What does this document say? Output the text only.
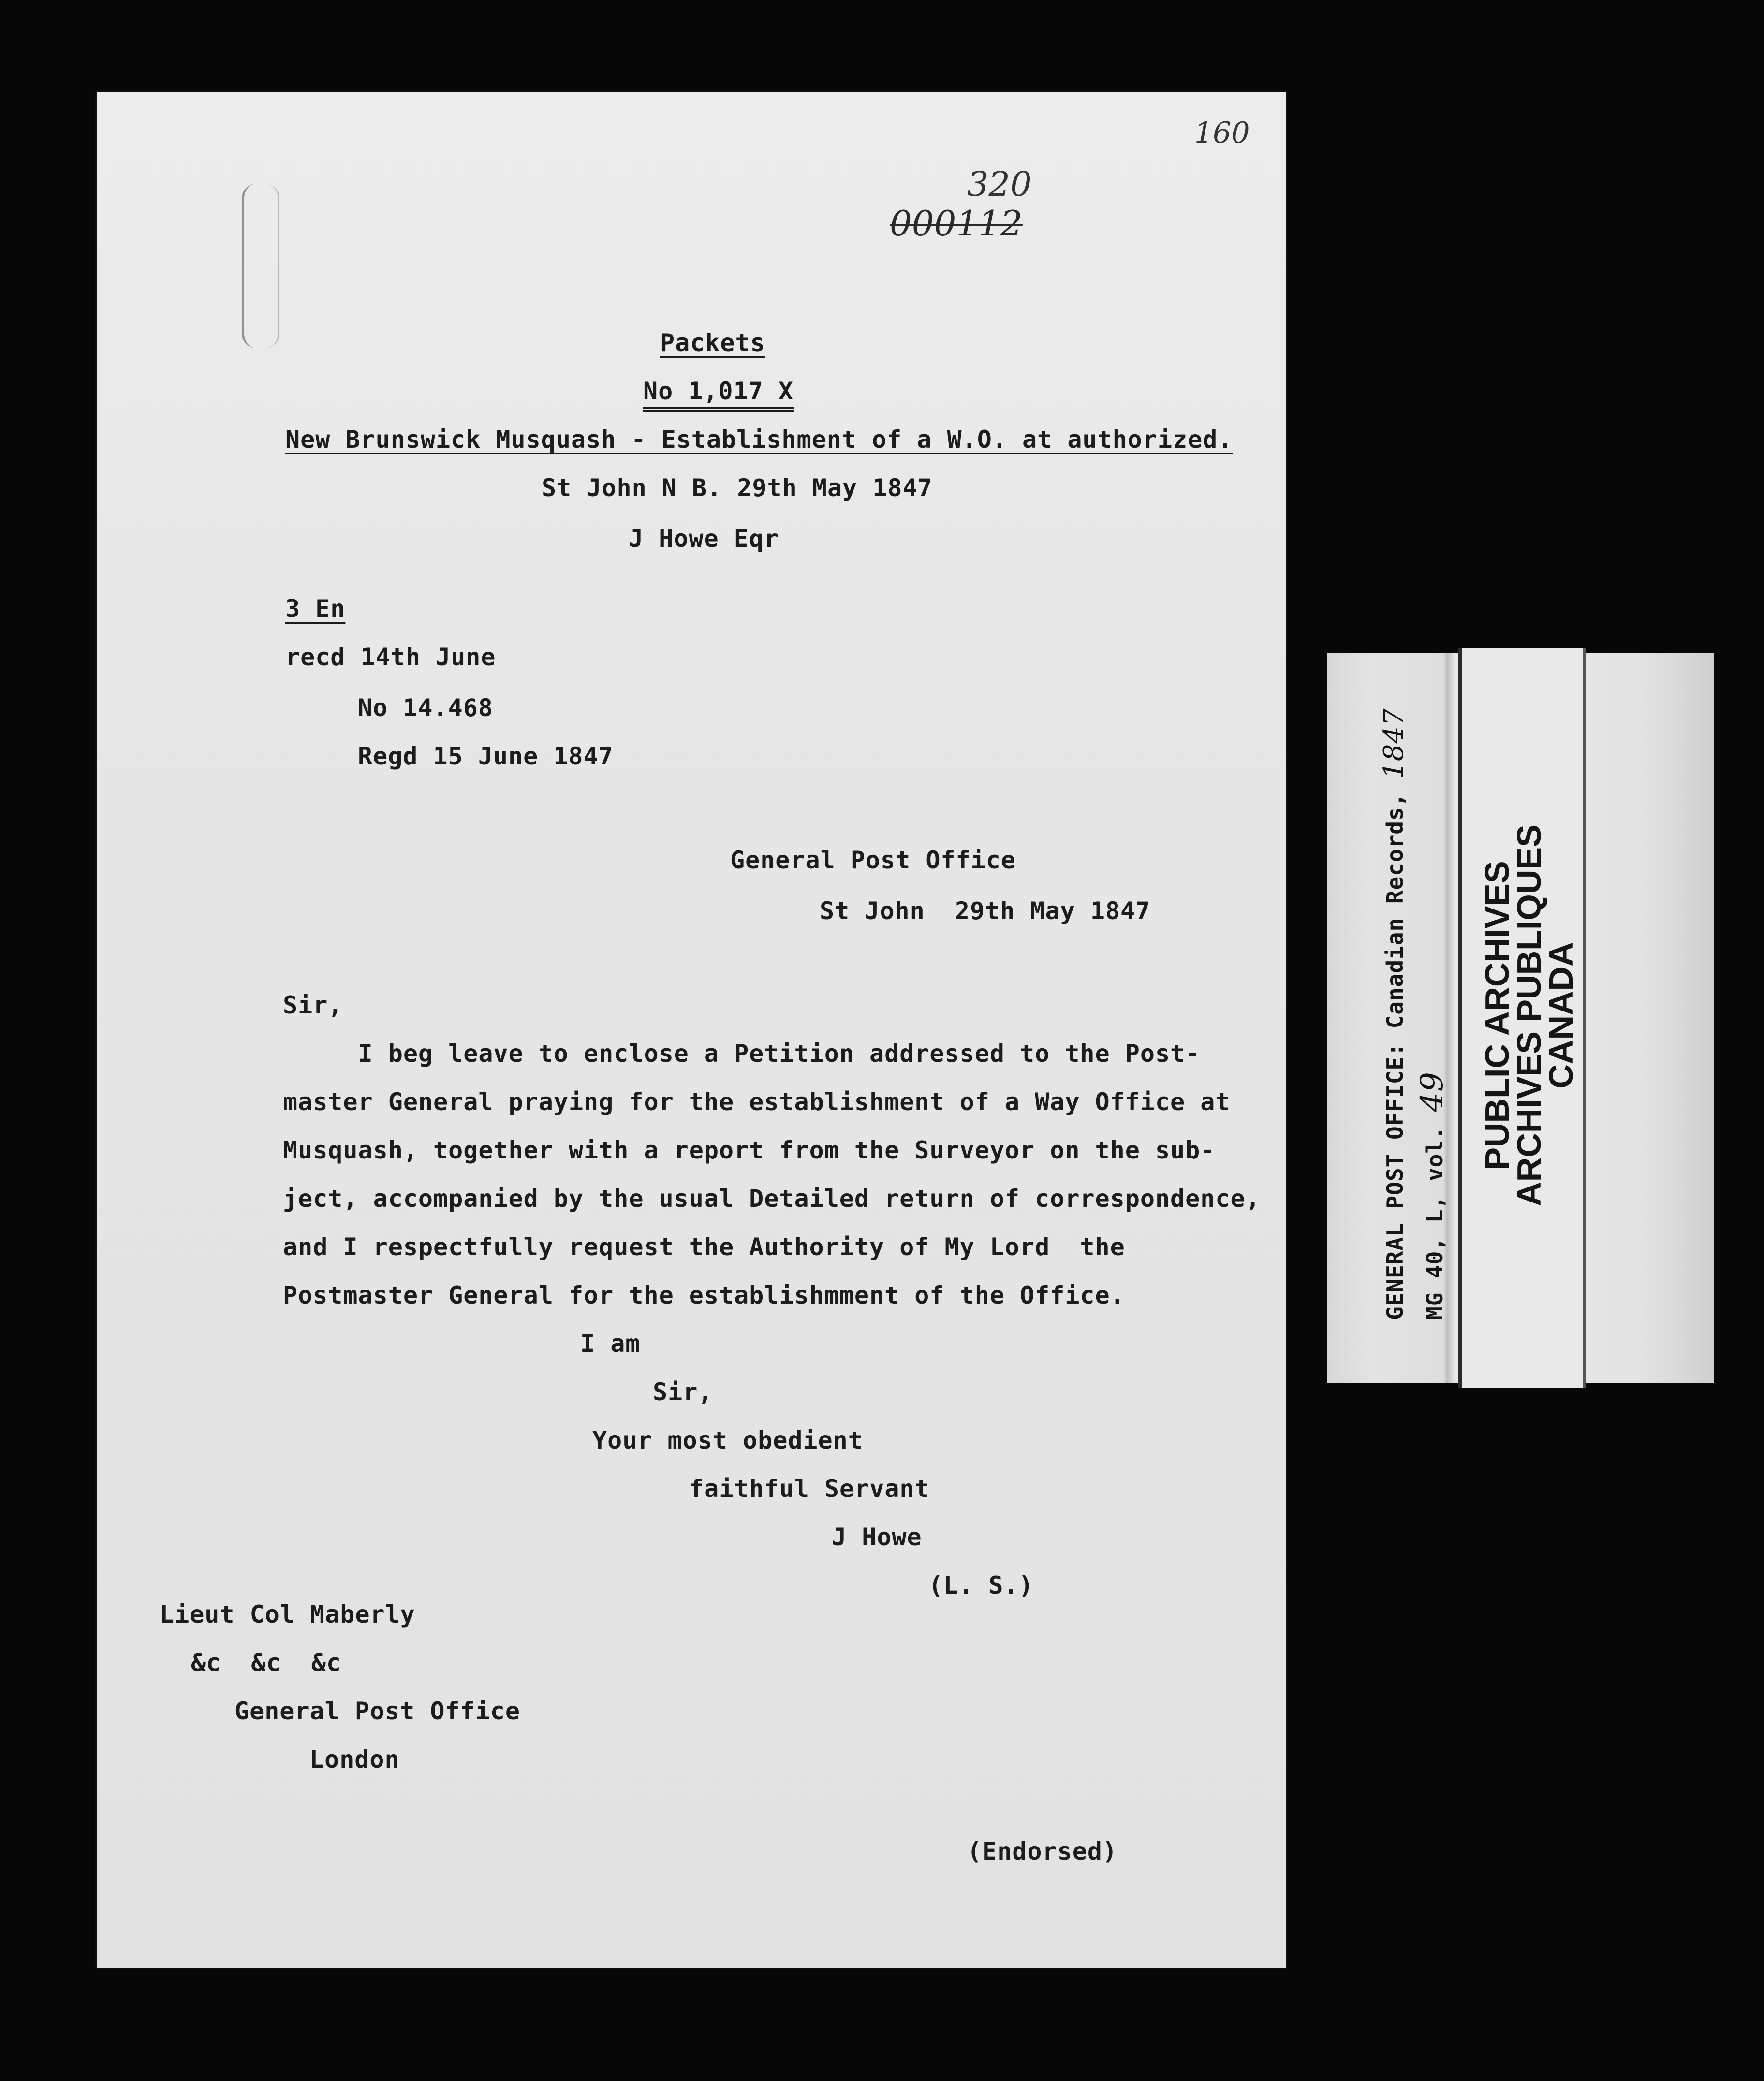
160
320
000112
Packets
No 1,017 X
New Brunswick Musquash - Establishment of a W.O. at authorized.
St John N B. 29th May 1847
J Howe Eqr
3 En
recd 14th June
No 14.468
Regd 15 June 1847
General Post Office
St John  29th May 1847
Sir,
I beg leave to enclose a Petition addressed to the Post-
master General praying for the establishment of a Way Office at
Musquash, together with a report from the Surveyor on the sub-
ject, accompanied by the usual Detailed return of correspondence,
and I respectfully request the Authority of My Lord  the
Postmaster General for the establishmment of the Office.
I am
Sir,
Your most obedient
faithful Servant
J Howe
(L. S.)
Lieut Col Maberly
&c  &c  &c
General Post Office
London
(Endorsed)
GENERAL POST OFFICE: Canadian Records, 1847
MG 40, L, vol. 49 PUBLIC ARCHIVES
ARCHIVES PUBLIQUES
CANADA
